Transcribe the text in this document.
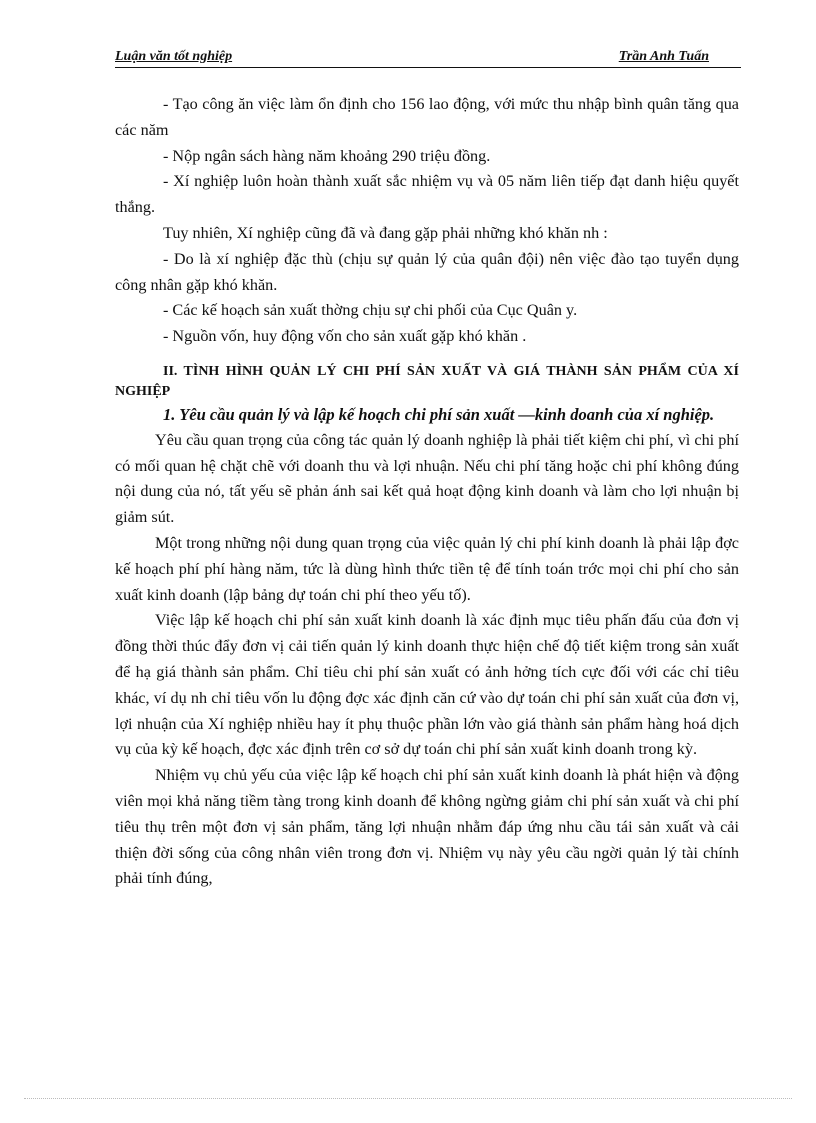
Luận văn tốt nghiệp	Trần Anh Tuấn

- Tạo công ăn việc làm ổn định cho 156 lao động, với mức thu nhập bình quân tăng qua các năm

- Nộp ngân sách hàng năm khoảng 290 triệu đồng.

- Xí nghiệp luôn hoàn thành xuất sắc nhiệm vụ và 05 năm liên tiếp đạt danh hiệu quyết thắng.

Tuy nhiên, Xí nghiệp cũng đã và đang gặp phải những khó khăn nh :

- Do là xí nghiệp đặc thù (chịu sự quản lý của quân đội) nên việc đào tạo tuyển dụng công nhân gặp khó khăn.

- Các kế hoạch sản xuất thờng chịu sự chi phối của Cục Quân y.

- Nguồn vốn, huy động vốn cho sản xuất gặp khó khăn .

II. TÌNH HÌNH QUẢN LÝ CHI PHÍ SẢN XUẤT VÀ GIÁ THÀNH SẢN PHẨM CỦA XÍ NGHIỆP

1. Yêu cầu quản lý và lập kế hoạch chi phí sản xuất —kinh doanh của xí nghiệp.

Yêu cầu quan trọng của công tác quản lý doanh nghiệp là phải tiết kiệm chi phí, vì chi phí có mối quan hệ chặt chẽ với doanh thu và lợi nhuận. Nếu chi phí tăng hoặc chi phí không đúng nội dung của nó, tất yếu sẽ phản ánh sai kết quả hoạt động kinh doanh và làm cho lợi nhuận bị giảm sút.

Một trong những nội dung quan trọng của việc quản lý chi phí kinh doanh là phải lập đợc kế hoạch phí phí hàng năm, tức là dùng hình thức tiền tệ để tính toán trớc mọi chi phí cho sản xuất kinh doanh (lập bảng dự toán chi phí theo yếu tố).

Việc lập kế hoạch chi phí sản xuất kinh doanh là xác định mục tiêu phấn đấu của đơn vị đồng thời thúc đẩy đơn vị cải tiến quản lý kinh doanh thực hiện chế độ tiết kiệm trong sản xuất để hạ giá thành sản phẩm. Chỉ tiêu chi phí sản xuất có ảnh hởng tích cực đối với các chỉ tiêu khác, ví dụ nh chỉ tiêu vốn lu động đợc xác định căn cứ vào dự toán chi phí sản xuất của đơn vị, lợi nhuận của Xí nghiệp nhiều hay ít phụ thuộc phần lớn vào giá thành sản phẩm hàng hoá dịch vụ của kỳ kế hoạch, đợc xác định trên cơ sở dự toán chi phí sản xuất kinh doanh trong kỳ.

Nhiệm vụ chủ yếu của việc lập kế hoạch chi phí sản xuất kinh doanh là phát hiện và động viên mọi khả năng tiềm tàng trong kinh doanh để không ngừng giảm chi phí sản xuất và chi phí tiêu thụ trên một đơn vị sản phẩm, tăng lợi nhuận nhằm đáp ứng nhu cầu tái sản xuất và cải thiện đời sống của công nhân viên trong đơn vị. Nhiệm vụ này yêu cầu ngời quản lý tài chính phải tính đúng,
